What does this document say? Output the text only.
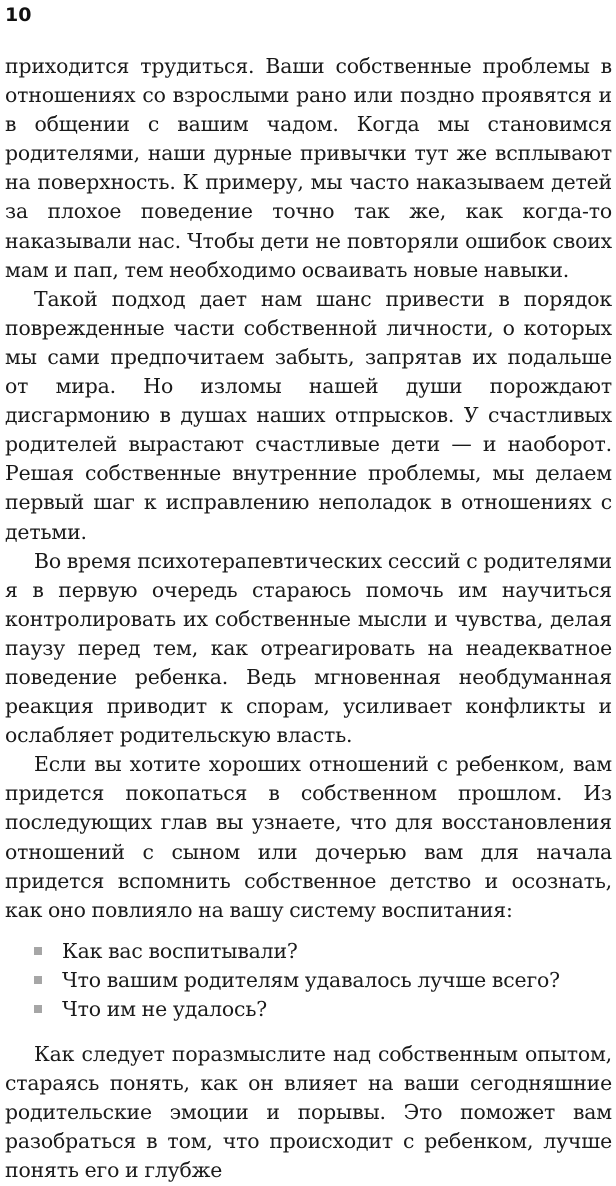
10

приходится трудиться. Ваши собственные проблемы в отношениях со взрослыми рано или поздно проявятся и в общении с вашим чадом. Когда мы становимся родителями, наши дурные привычки тут же всплывают на поверхность. К примеру, мы часто наказываем детей за плохое поведение точно так же, как когда-то наказывали нас. Чтобы дети не повторяли ошибок своих мам и пап, тем необходимо осваивать новые навыки.

Такой подход дает нам шанс привести в порядок поврежденные части собственной личности, о которых мы сами предпочитаем забыть, запрятав их подальше от мира. Но изломы нашей души порождают дисгармонию в душах наших отпрысков. У счастливых родителей вырастают счастливые дети — и наоборот. Решая собственные внутренние проблемы, мы делаем первый шаг к исправлению неполадок в отношениях с детьми.

Во время психотерапевтических сессий с родителями я в первую очередь стараюсь помочь им научиться контролировать их собственные мысли и чувства, делая паузу перед тем, как отреагировать на неадекватное поведение ребенка. Ведь мгновенная необдуманная реакция приводит к спорам, усиливает конфликты и ослабляет родительскую власть.

Если вы хотите хороших отношений с ребенком, вам придется покопаться в собственном прошлом. Из последующих глав вы узнаете, что для восстановления отношений с сыном или дочерью вам для начала придется вспомнить собственное детство и осознать, как оно повлияло на вашу систему воспитания:

Как вас воспитывали?
Что вашим родителям удавалось лучше всего?
Что им не удалось?

Как следует поразмыслите над собственным опытом, стараясь понять, как он влияет на ваши сегодняшние родительские эмоции и порывы. Это поможет вам разобраться в том, что происходит с ребенком, лучше понять его и глубже
